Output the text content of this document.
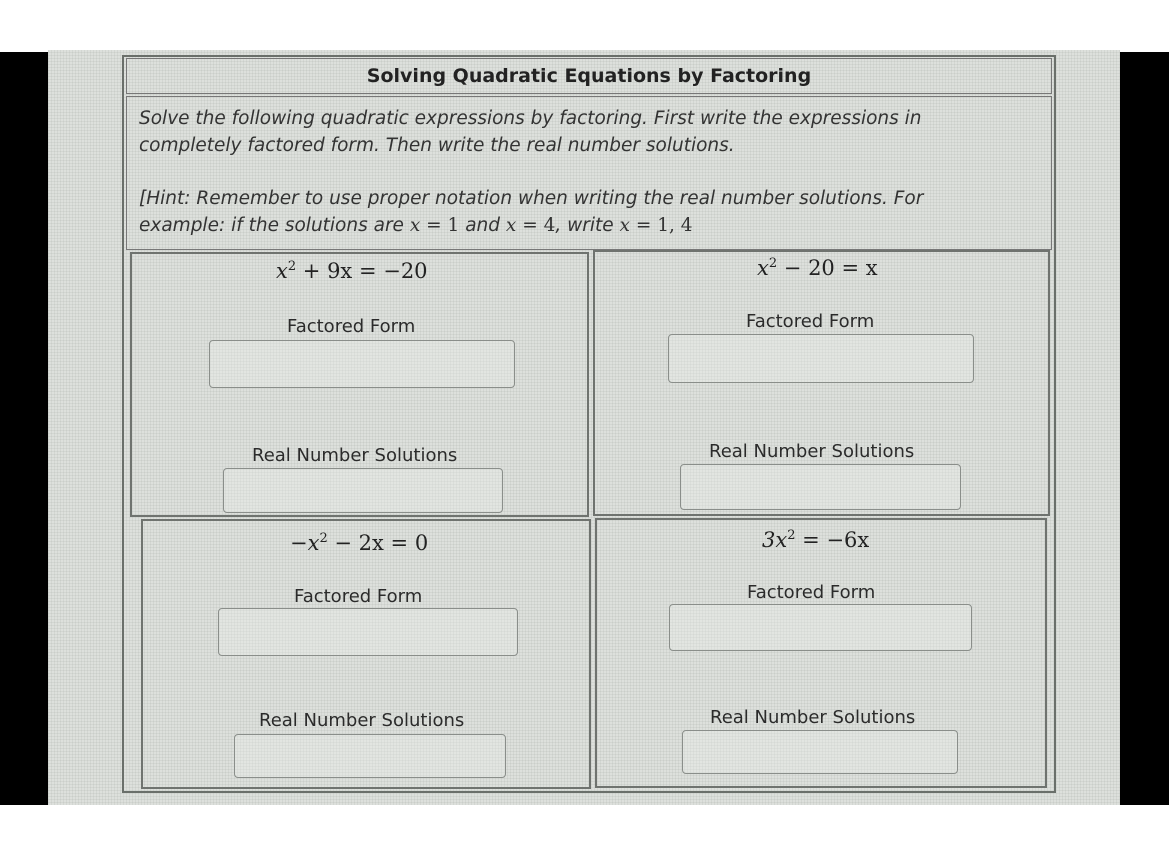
Solving Quadratic Equations by Factoring

Solve the following quadratic expressions by factoring. First write the expressions in

completely factored form. Then write the real number solutions.

[Hint: Remember to use proper notation when writing the real number solutions. For

example: if the solutions are x = 1 and x = 4, write x = 1, 4

$x^2 + 9x = -20$
Factored Form
Real Number Solutions
$x^2 - 20 = x$
Factored Form
Real Number Solutions
$-x^2 - 2x = 0$
Factored Form
Real Number Solutions
$3x^2 = -6x$
Factored Form
Real Number Solutions
